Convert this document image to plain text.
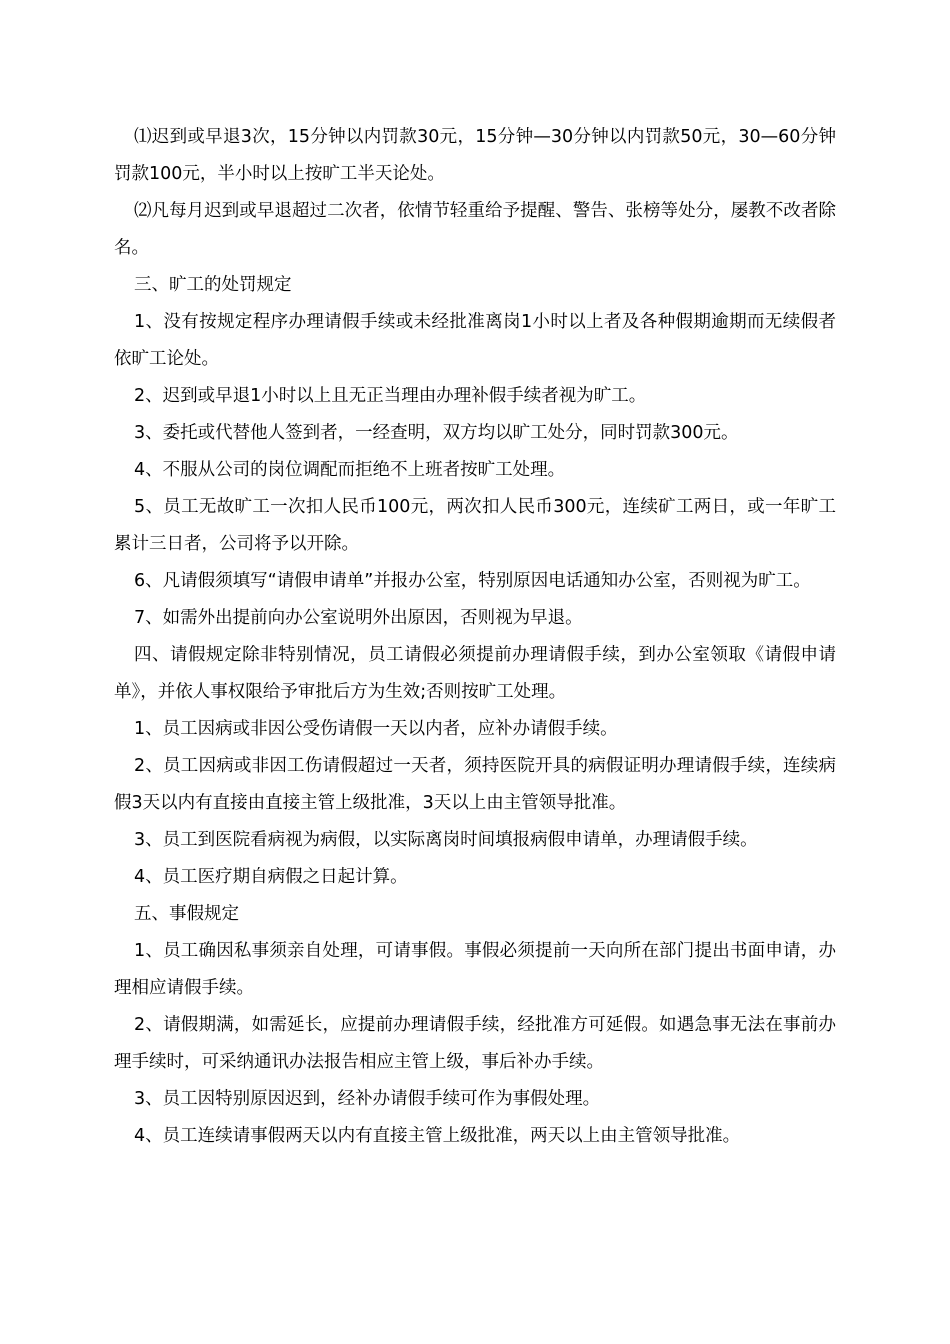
⑴迟到或早退3次，15分钟以内罚款30元，15分钟—30分钟以内罚款50元，30—60分钟罚款100元，半小时以上按旷工半天论处。

⑵凡每月迟到或早退超过二次者，依情节轻重给予提醒、警告、张榜等处分，屡教不改者除名。

三、旷工的处罚规定

1、没有按规定程序办理请假手续或未经批准离岗1小时以上者及各种假期逾期而无续假者依旷工论处。

2、迟到或早退1小时以上且无正当理由办理补假手续者视为旷工。

3、委托或代替他人签到者，一经查明，双方均以旷工处分，同时罚款300元。

4、不服从公司的岗位调配而拒绝不上班者按旷工处理。

5、员工无故旷工一次扣人民币100元，两次扣人民币300元，连续矿工两日，或一年旷工累计三日者，公司将予以开除。

6、凡请假须填写“请假申请单”并报办公室，特别原因电话通知办公室，否则视为旷工。

7、如需外出提前向办公室说明外出原因，否则视为早退。

四、请假规定除非特别情况，员工请假必须提前办理请假手续，到办公室领取《请假申请单》，并依人事权限给予审批后方为生效;否则按旷工处理。

1、员工因病或非因公受伤请假一天以内者，应补办请假手续。

2、员工因病或非因工伤请假超过一天者，须持医院开具的病假证明办理请假手续，连续病假3天以内有直接由直接主管上级批准，3天以上由主管领导批准。

3、员工到医院看病视为病假，以实际离岗时间填报病假申请单，办理请假手续。

4、员工医疗期自病假之日起计算。

五、事假规定

1、员工确因私事须亲自处理，可请事假。事假必须提前一天向所在部门提出书面申请，办理相应请假手续。

2、请假期满，如需延长，应提前办理请假手续，经批准方可延假。如遇急事无法在事前办理手续时，可采纳通讯办法报告相应主管上级，事后补办手续。

3、员工因特别原因迟到，经补办请假手续可作为事假处理。

4、员工连续请事假两天以内有直接主管上级批准，两天以上由主管领导批准。
